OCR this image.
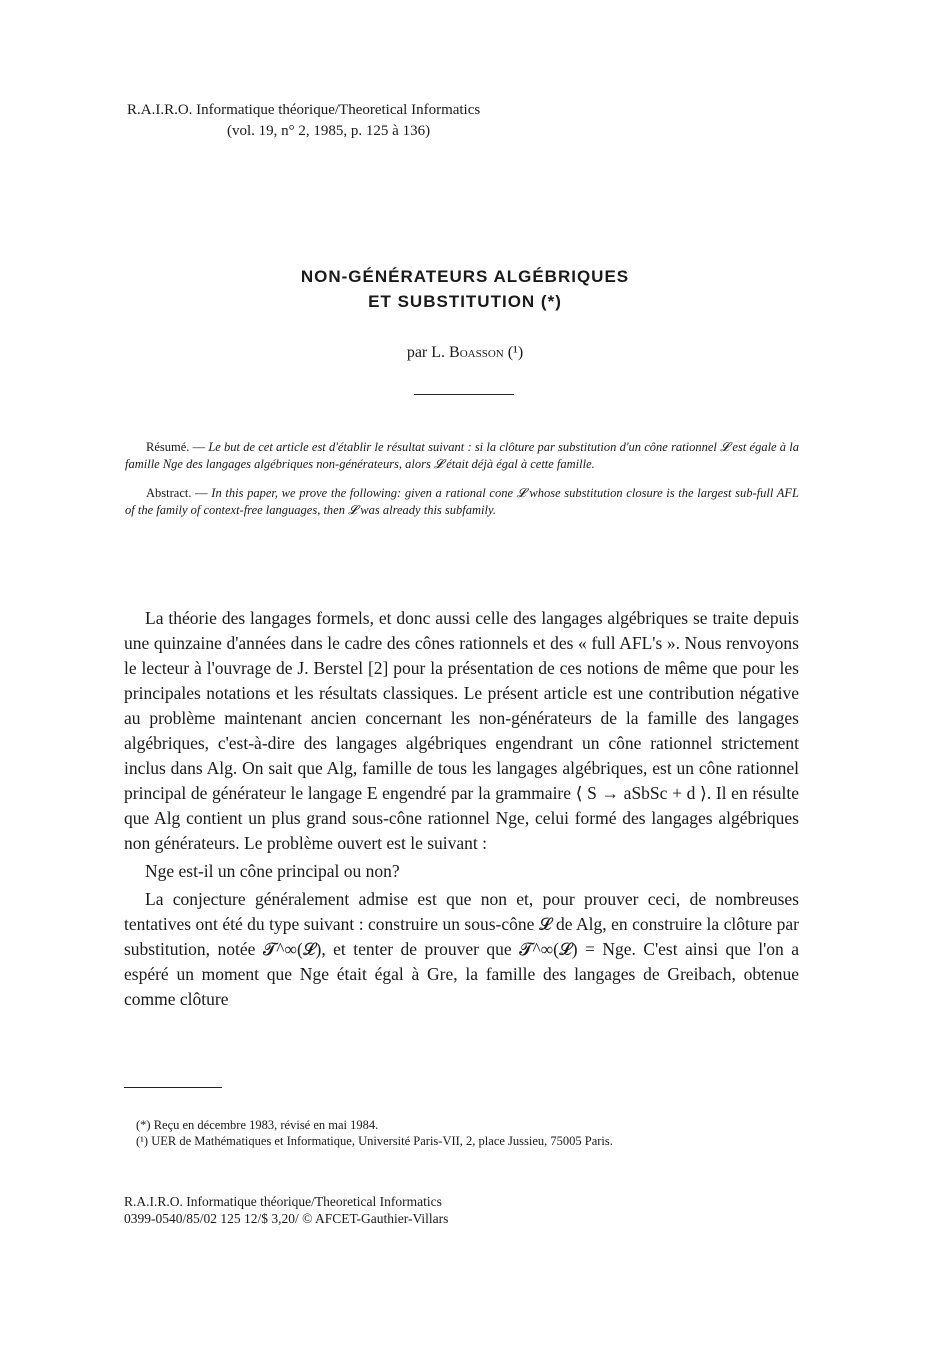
R.A.I.R.O. Informatique théorique/Theoretical Informatics
(vol. 19, n° 2, 1985, p. 125 à 136)
NON-GÉNÉRATEURS ALGÉBRIQUES
ET SUBSTITUTION (*)
par L. Boasson (¹)

Résumé. — Le but de cet article est d'établir le résultat suivant : si la clôture par substitution d'un cône rationnel 𝓛 est égale à la famille Nge des langages algébriques non-générateurs, alors 𝓛 était déjà égal à cette famille.

Abstract. — In this paper, we prove the following: given a rational cone 𝓛 whose substitution closure is the largest sub-full AFL of the family of context-free languages, then 𝓛 was already this subfamily.

La théorie des langages formels, et donc aussi celle des langages algébriques se traite depuis une quinzaine d'années dans le cadre des cônes rationnels et des « full AFL's ». Nous renvoyons le lecteur à l'ouvrage de J. Berstel [2] pour la présentation de ces notions de même que pour les principales notations et les résultats classiques. Le présent article est une contribution négative au problème maintenant ancien concernant les non-générateurs de la famille des langages algébriques, c'est-à-dire des langages algébriques engendrant un cône rationnel strictement inclus dans Alg. On sait que Alg, famille de tous les langages algébriques, est un cône rationnel principal de générateur le langage E engendré par la grammaire ⟨ S → aSbSc + d ⟩. Il en résulte que Alg contient un plus grand sous-cône rationnel Nge, celui formé des langages algébriques non générateurs. Le problème ouvert est le suivant :

Nge est-il un cône principal ou non?

La conjecture généralement admise est que non et, pour prouver ceci, de nombreuses tentatives ont été du type suivant : construire un sous-cône 𝓛 de Alg, en construire la clôture par substitution, notée 𝓣^∞(𝓛), et tenter de prouver que 𝓣^∞(𝓛) = Nge. C'est ainsi que l'on a espéré un moment que Nge était égal à Gre, la famille des langages de Greibach, obtenue comme clôture

(*) Reçu en décembre 1983, révisé en mai 1984.

(¹) UER de Mathématiques et Informatique, Université Paris-VII, 2, place Jussieu, 75005 Paris.

R.A.I.R.O. Informatique théorique/Theoretical Informatics
0399-0540/85/02 125 12/$ 3,20/ © AFCET-Gauthier-Villars
